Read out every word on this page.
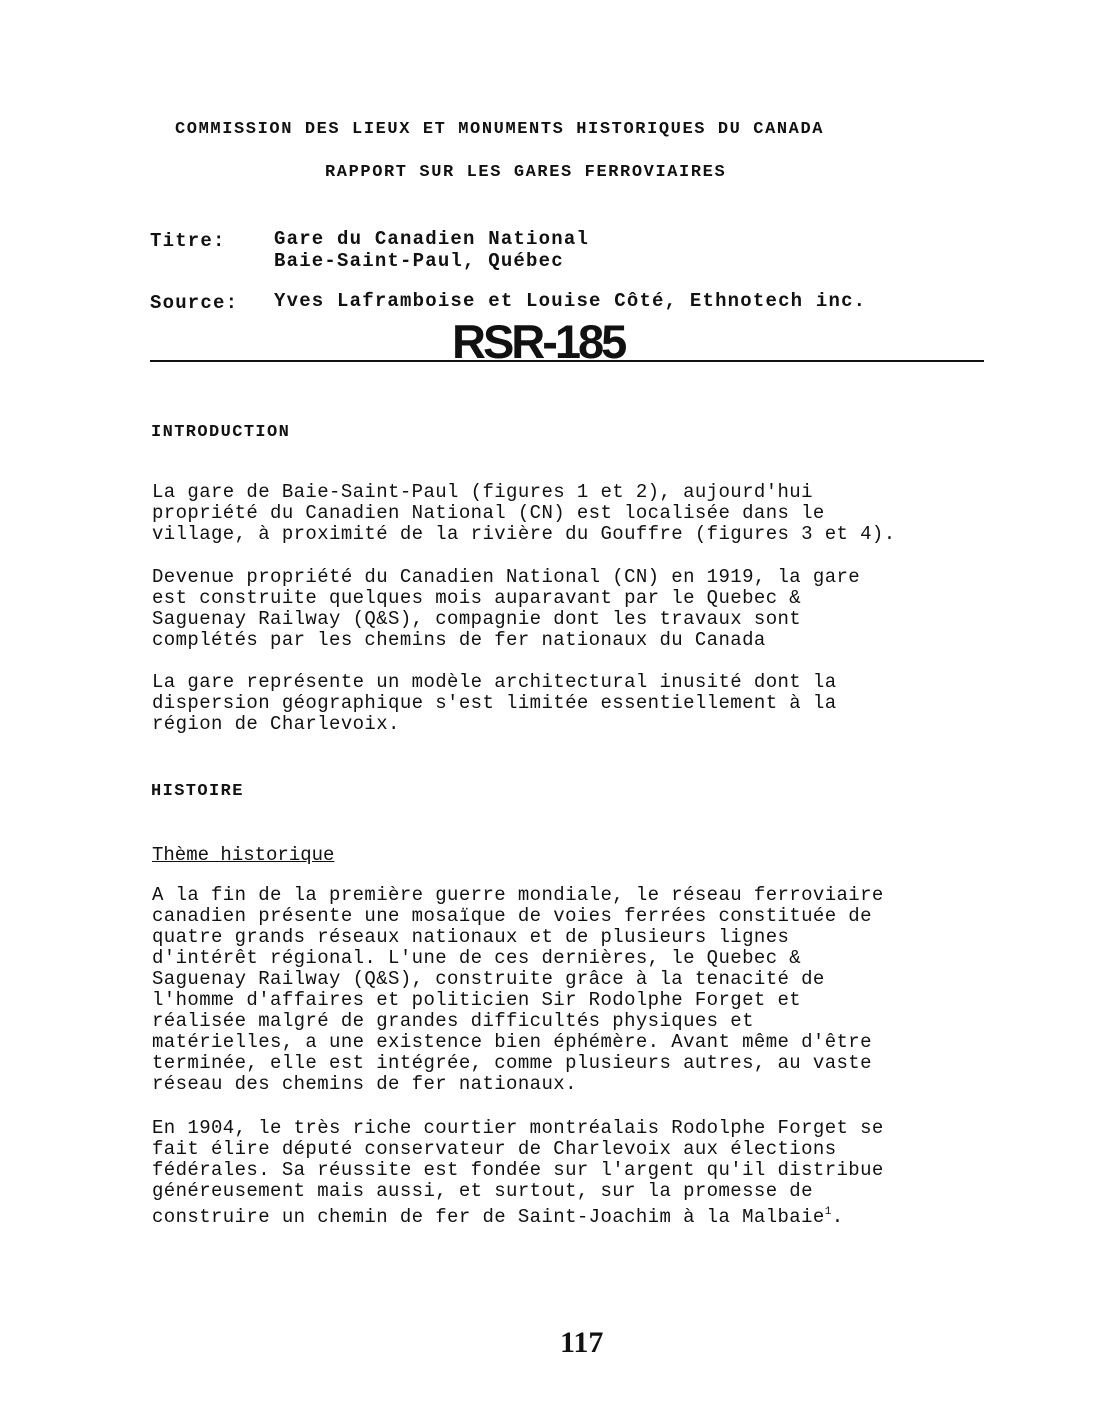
COMMISSION DES LIEUX ET MONUMENTS HISTORIQUES DU CANADA
RAPPORT SUR LES GARES FERROVIAIRES
Titre:	Gare du Canadien National
Baie-Saint-Paul, Québec
Source: Yves Laframboise et Louise Côté, Ethnotech inc.
RSR-185
INTRODUCTION
La gare de Baie-Saint-Paul (figures 1 et 2), aujourd'hui
propriété du Canadien National (CN) est localisée dans le
village, à proximité de la rivière du Gouffre (figures 3 et 4).
Devenue propriété du Canadien National (CN) en 1919, la gare
est construite quelques mois auparavant par le Quebec &
Saguenay Railway (Q&S), compagnie dont les travaux sont
complétés par les chemins de fer nationaux du Canada
La gare représente un modèle architectural inusité dont la
dispersion géographique s'est limitée essentiellement à la
région de Charlevoix.
HISTOIRE
Thème historique
A la fin de la première guerre mondiale, le réseau ferroviaire
canadien présente une mosaïque de voies ferrées constituée de
quatre grands réseaux nationaux et de plusieurs lignes
d'intérêt régional. L'une de ces dernières, le Quebec &
Saguenay Railway (Q&S), construite grâce à la tenacité de
l'homme d'affaires et politicien Sir Rodolphe Forget et
réalisée malgré de grandes difficultés physiques et
matérielles, a une existence bien éphémère. Avant même d'être
terminée, elle est intégrée, comme plusieurs autres, au vaste
réseau des chemins de fer nationaux.
En 1904, le très riche courtier montréalais Rodolphe Forget se
fait élire député conservateur de Charlevoix aux élections
fédérales. Sa réussite est fondée sur l'argent qu'il distribue
généreusement mais aussi, et surtout, sur la promesse de
construire un chemin de fer de Saint-Joachim à la Malbaie$^1$.
117
